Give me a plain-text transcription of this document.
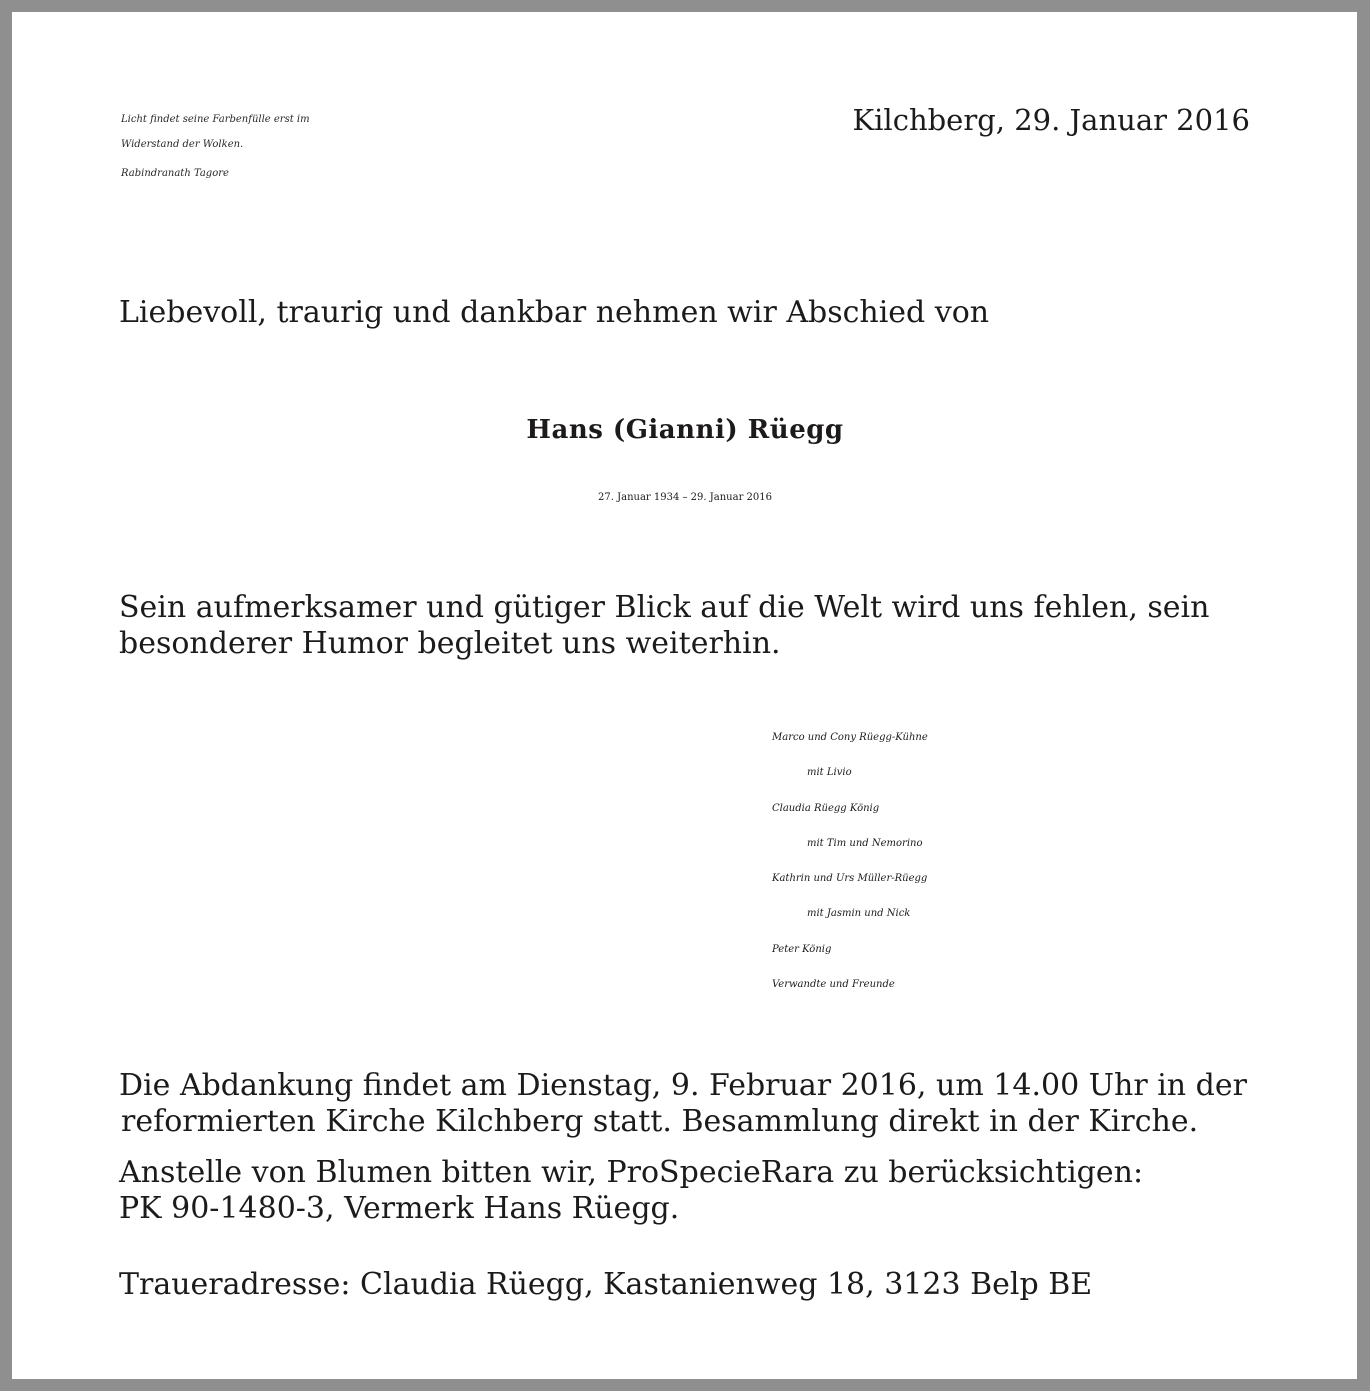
Licht findet seine Farbenfülle erst im
Widerstand der Wolken.
Rabindranath Tagore
Kilchberg, 29. Januar 2016
Liebevoll, traurig und dankbar nehmen wir Abschied von
Hans (Gianni) Rüegg
27. Januar 1934 – 29. Januar 2016
Sein aufmerksamer und gütiger Blick auf die Welt wird uns fehlen, sein
besonderer Humor begleitet uns weiterhin.
Marco und Cony Rüegg-Kühne
mit Livio
Claudia Rüegg König
mit Tim und Nemorino
Kathrin und Urs Müller-Rüegg
mit Jasmin und Nick
Peter König
Verwandte und Freunde
Die Abdankung findet am Dienstag, 9. Februar 2016, um 14.00 Uhr in der
reformierten Kirche Kilchberg statt. Besammlung direkt in der Kirche.
Anstelle von Blumen bitten wir, ProSpecieRara zu berücksichtigen:
PK 90-1480-3, Vermerk Hans Rüegg.
Traueradresse: Claudia Rüegg, Kastanienweg 18, 3123 Belp BE
